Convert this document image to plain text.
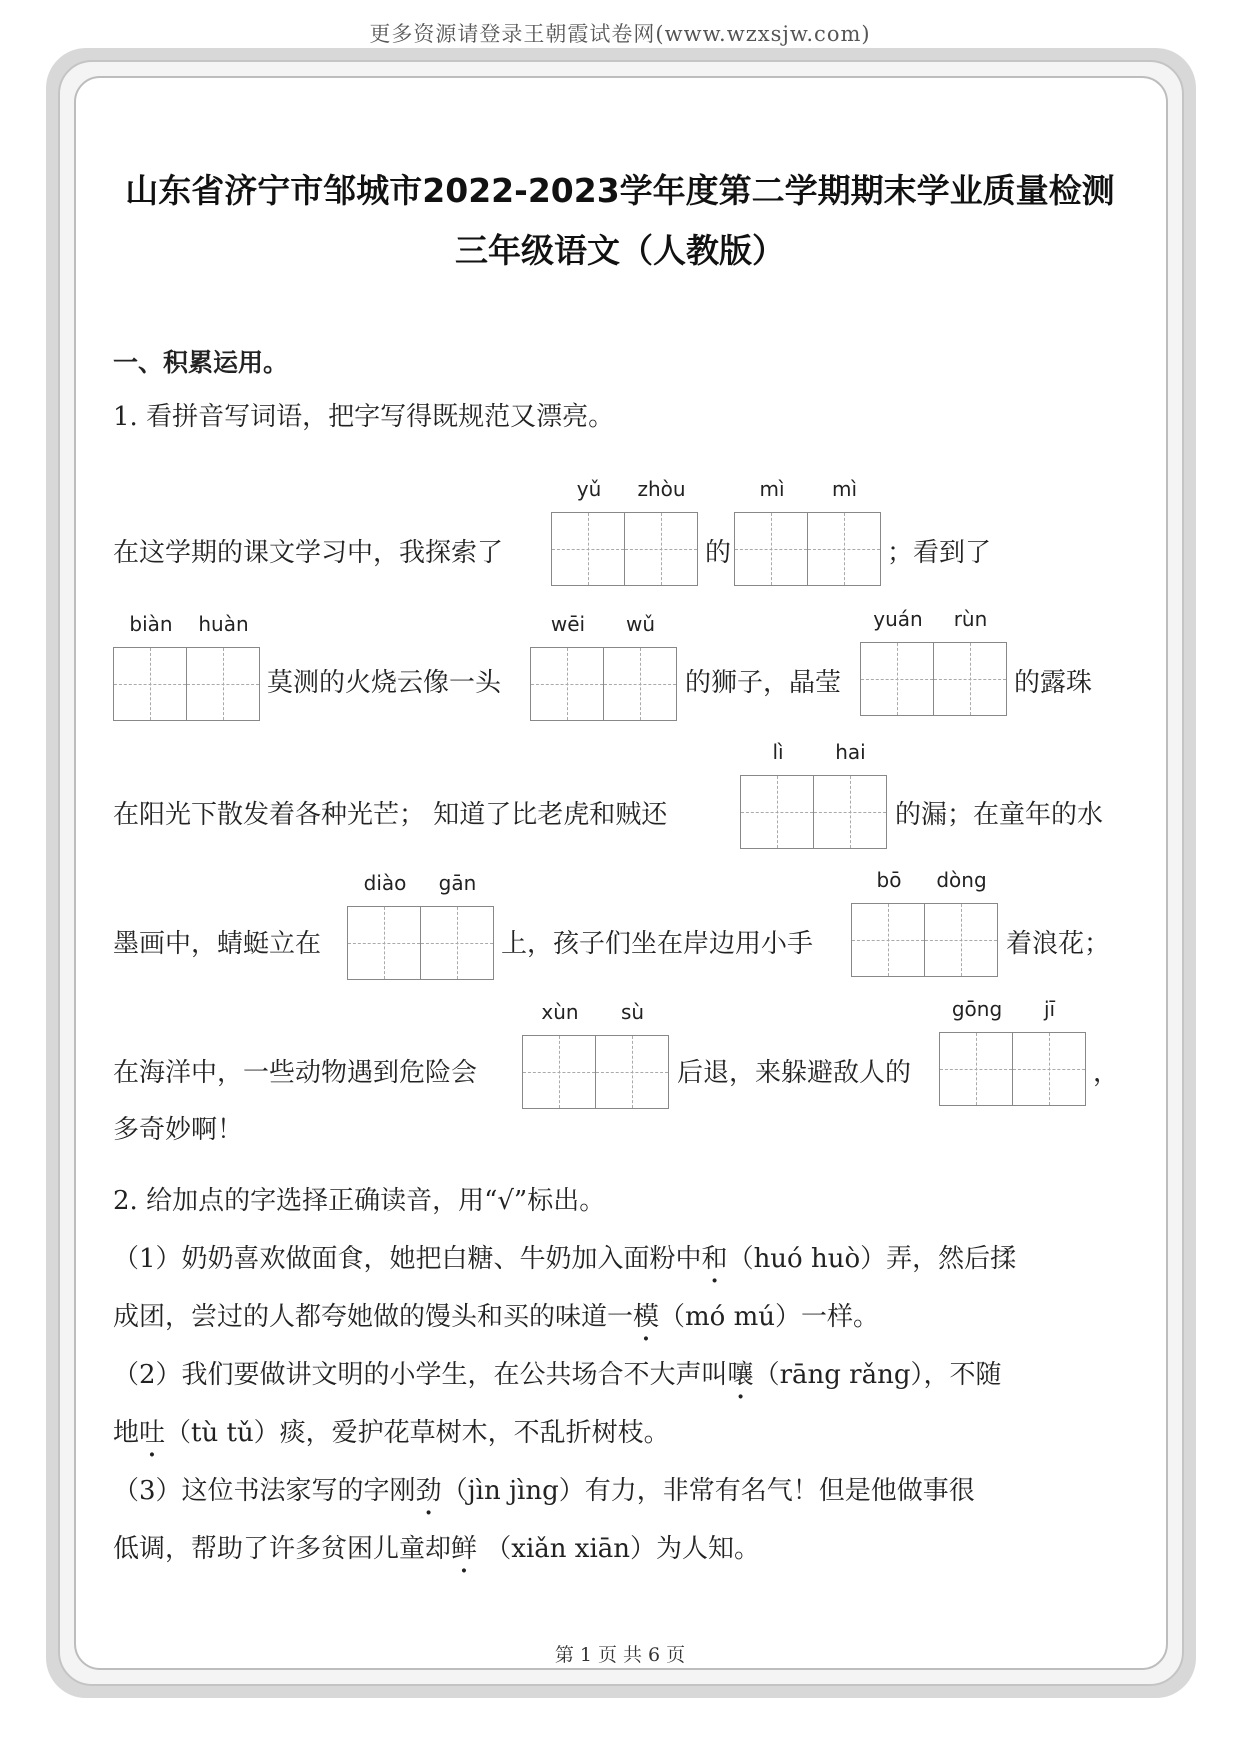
更多资源请登录王朝霞试卷网(www.wzxsjw.com)
山东省济宁市邹城市2022-2023学年度第二学期期末学业质量检测
三年级语文（人教版）
一、积累运用。
1. 看拼音写词语，把字写得既规范又漂亮。
在这学期的课文学习中，我探索了
yǔ	zhòu
的
mì	mì
；看到了
biàn	huàn
莫测的火烧云像一头
wēi	wǔ
的狮子，晶莹
yuán	rùn
的露珠
在阳光下散发着各种光芒； 知道了比老虎和贼还
lì	hai
的漏；在童年的水
墨画中，蜻蜓立在
diào	gān
上，孩子们坐在岸边用小手
bō	dòng
着浪花；
在海洋中，一些动物遇到危险会
xùn	sù
后退，来躲避敌人的
gōng	jī
，
多奇妙啊！
2. 给加点的字选择正确读音，用“√”标出。
（1）奶奶喜欢做面食，她把白糖、牛奶加入面粉中和（huó huò）弄，然后揉
成团，尝过的人都夸她做的馒头和买的味道一模（mó mú）一样。
（2）我们要做讲文明的小学生，在公共场合不大声叫嚷（rāng rǎng），不随
地吐（tù tǔ）痰，爱护花草树木，不乱折树枝。
（3）这位书法家写的字刚劲（jìn jìng）有力，非常有名气！但是他做事很
低调，帮助了许多贫困儿童却鲜 （xiǎn xiān）为人知。
第 1 页 共 6 页
